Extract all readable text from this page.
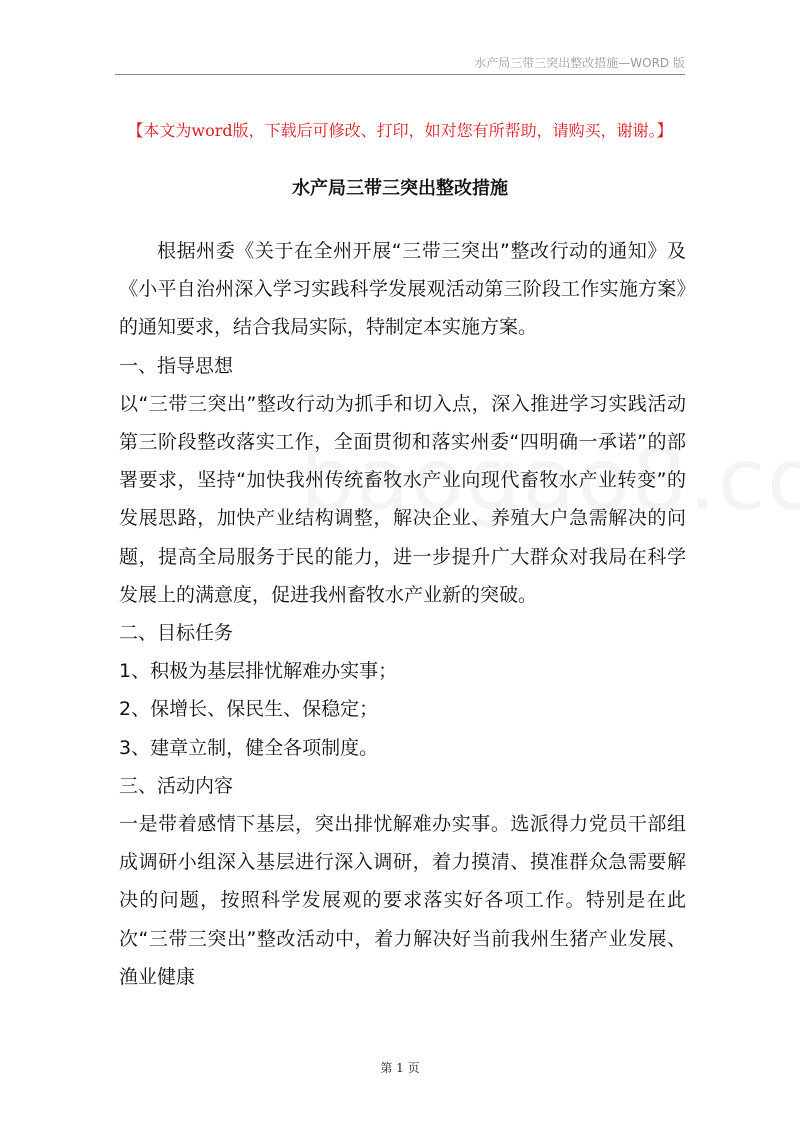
水产局三带三突出整改措施—WORD 版
【本文为word版，下载后可修改、打印，如对您有所帮助，请购买，谢谢。】
水产局三带三突出整改措施

根据州委《关于在全州开展“三带三突出”整改行动的通知》及《小平自治州深入学习实践科学发展观活动第三阶段工作实施方案》的通知要求，结合我局实际，特制定本实施方案。

一、指导思想

以“三带三突出”整改行动为抓手和切入点，深入推进学习实践活动第三阶段整改落实工作，全面贯彻和落实州委“四明确一承诺”的部署要求，坚持“加快我州传统畜牧水产业向现代畜牧水产业转变”的发展思路，加快产业结构调整，解决企业、养殖大户急需解决的问题，提高全局服务于民的能力，进一步提升广大群众对我局在科学发展上的满意度，促进我州畜牧水产业新的突破。

二、目标任务

1、积极为基层排忧解难办实事；

2、保增长、保民生、保稳定；

3、建章立制，健全各项制度。

三、活动内容

一是带着感情下基层，突出排忧解难办实事。选派得力党员干部组成调研小组深入基层进行深入调研，着力摸清、摸准群众急需要解决的问题，按照科学发展观的要求落实好各项工作。特别是在此次“三带三突出”整改活动中，着力解决好当前我州生猪产业发展、渔业健康

第 1 页
